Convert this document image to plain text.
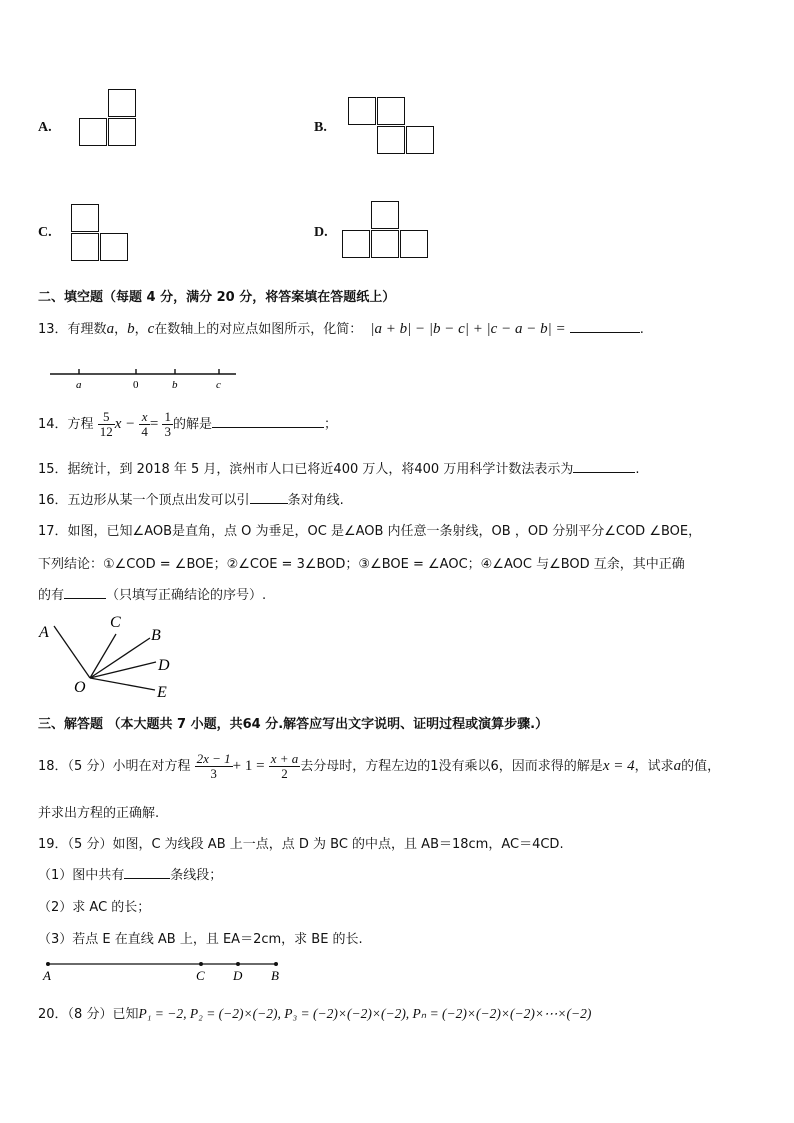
A.	B.
C.	D.
二、填空题（每题 4 分，满分 20 分，将答案填在答题纸上）
13．有理数a，b，c在数轴上的对应点如图所示，化简： |a + b| − |b − c| + |c − a − b| =	.
a	0	b	c
14．方程 $\frac{5}{12}$ $x - \frac{x}{4} = \frac{1}{3}$ 的解是	；
15．据统计，到 2018 年 5 月，滨州市人口已将近400 万人，将400 万用科学计数法表示为	.
16．五边形从某一个顶点出发可以引	条对角线.
17．如图，已知∠AOB是直角，点 O 为垂足，OC 是∠AOB 内任意一条射线，OB ，OD 分别平分∠COD ∠BOE，
下列结论：①∠COD = ∠BOE；②∠COE = 3∠BOD；③∠BOE = ∠AOC；④∠AOC 与∠BOD 互余，其中正确
的有	（只填写正确结论的序号）.
A
C
B
D
E
O
三、解答题 （本大题共 7 小题，共64 分.解答应写出文字说明、证明过程或演算步骤.）
18．（5 分）小明在对方程 $\frac{2x - 1}{3} + 1 = \frac{x + a}{2}$ 去分母时，方程左边的1没有乘以6，因而求得的解是x = 4，试求a的值，
并求出方程的正确解.
19．（5 分）如图，C 为线段 AB 上一点，点 D 为 BC 的中点，且 AB＝18cm，AC＝4CD.
（1）图中共有	条线段；
（2）求 AC 的长；
（3）若点 E 在直线 AB 上，且 EA＝2cm，求 BE 的长.
A	C D B
20．（8 分）已知P₁ = −2, P₂ = (−2)×(−2), P₃ = (−2)×(−2)×(−2), Pₙ = (−2)×(−2)×(−2)×⋯×(−2)
